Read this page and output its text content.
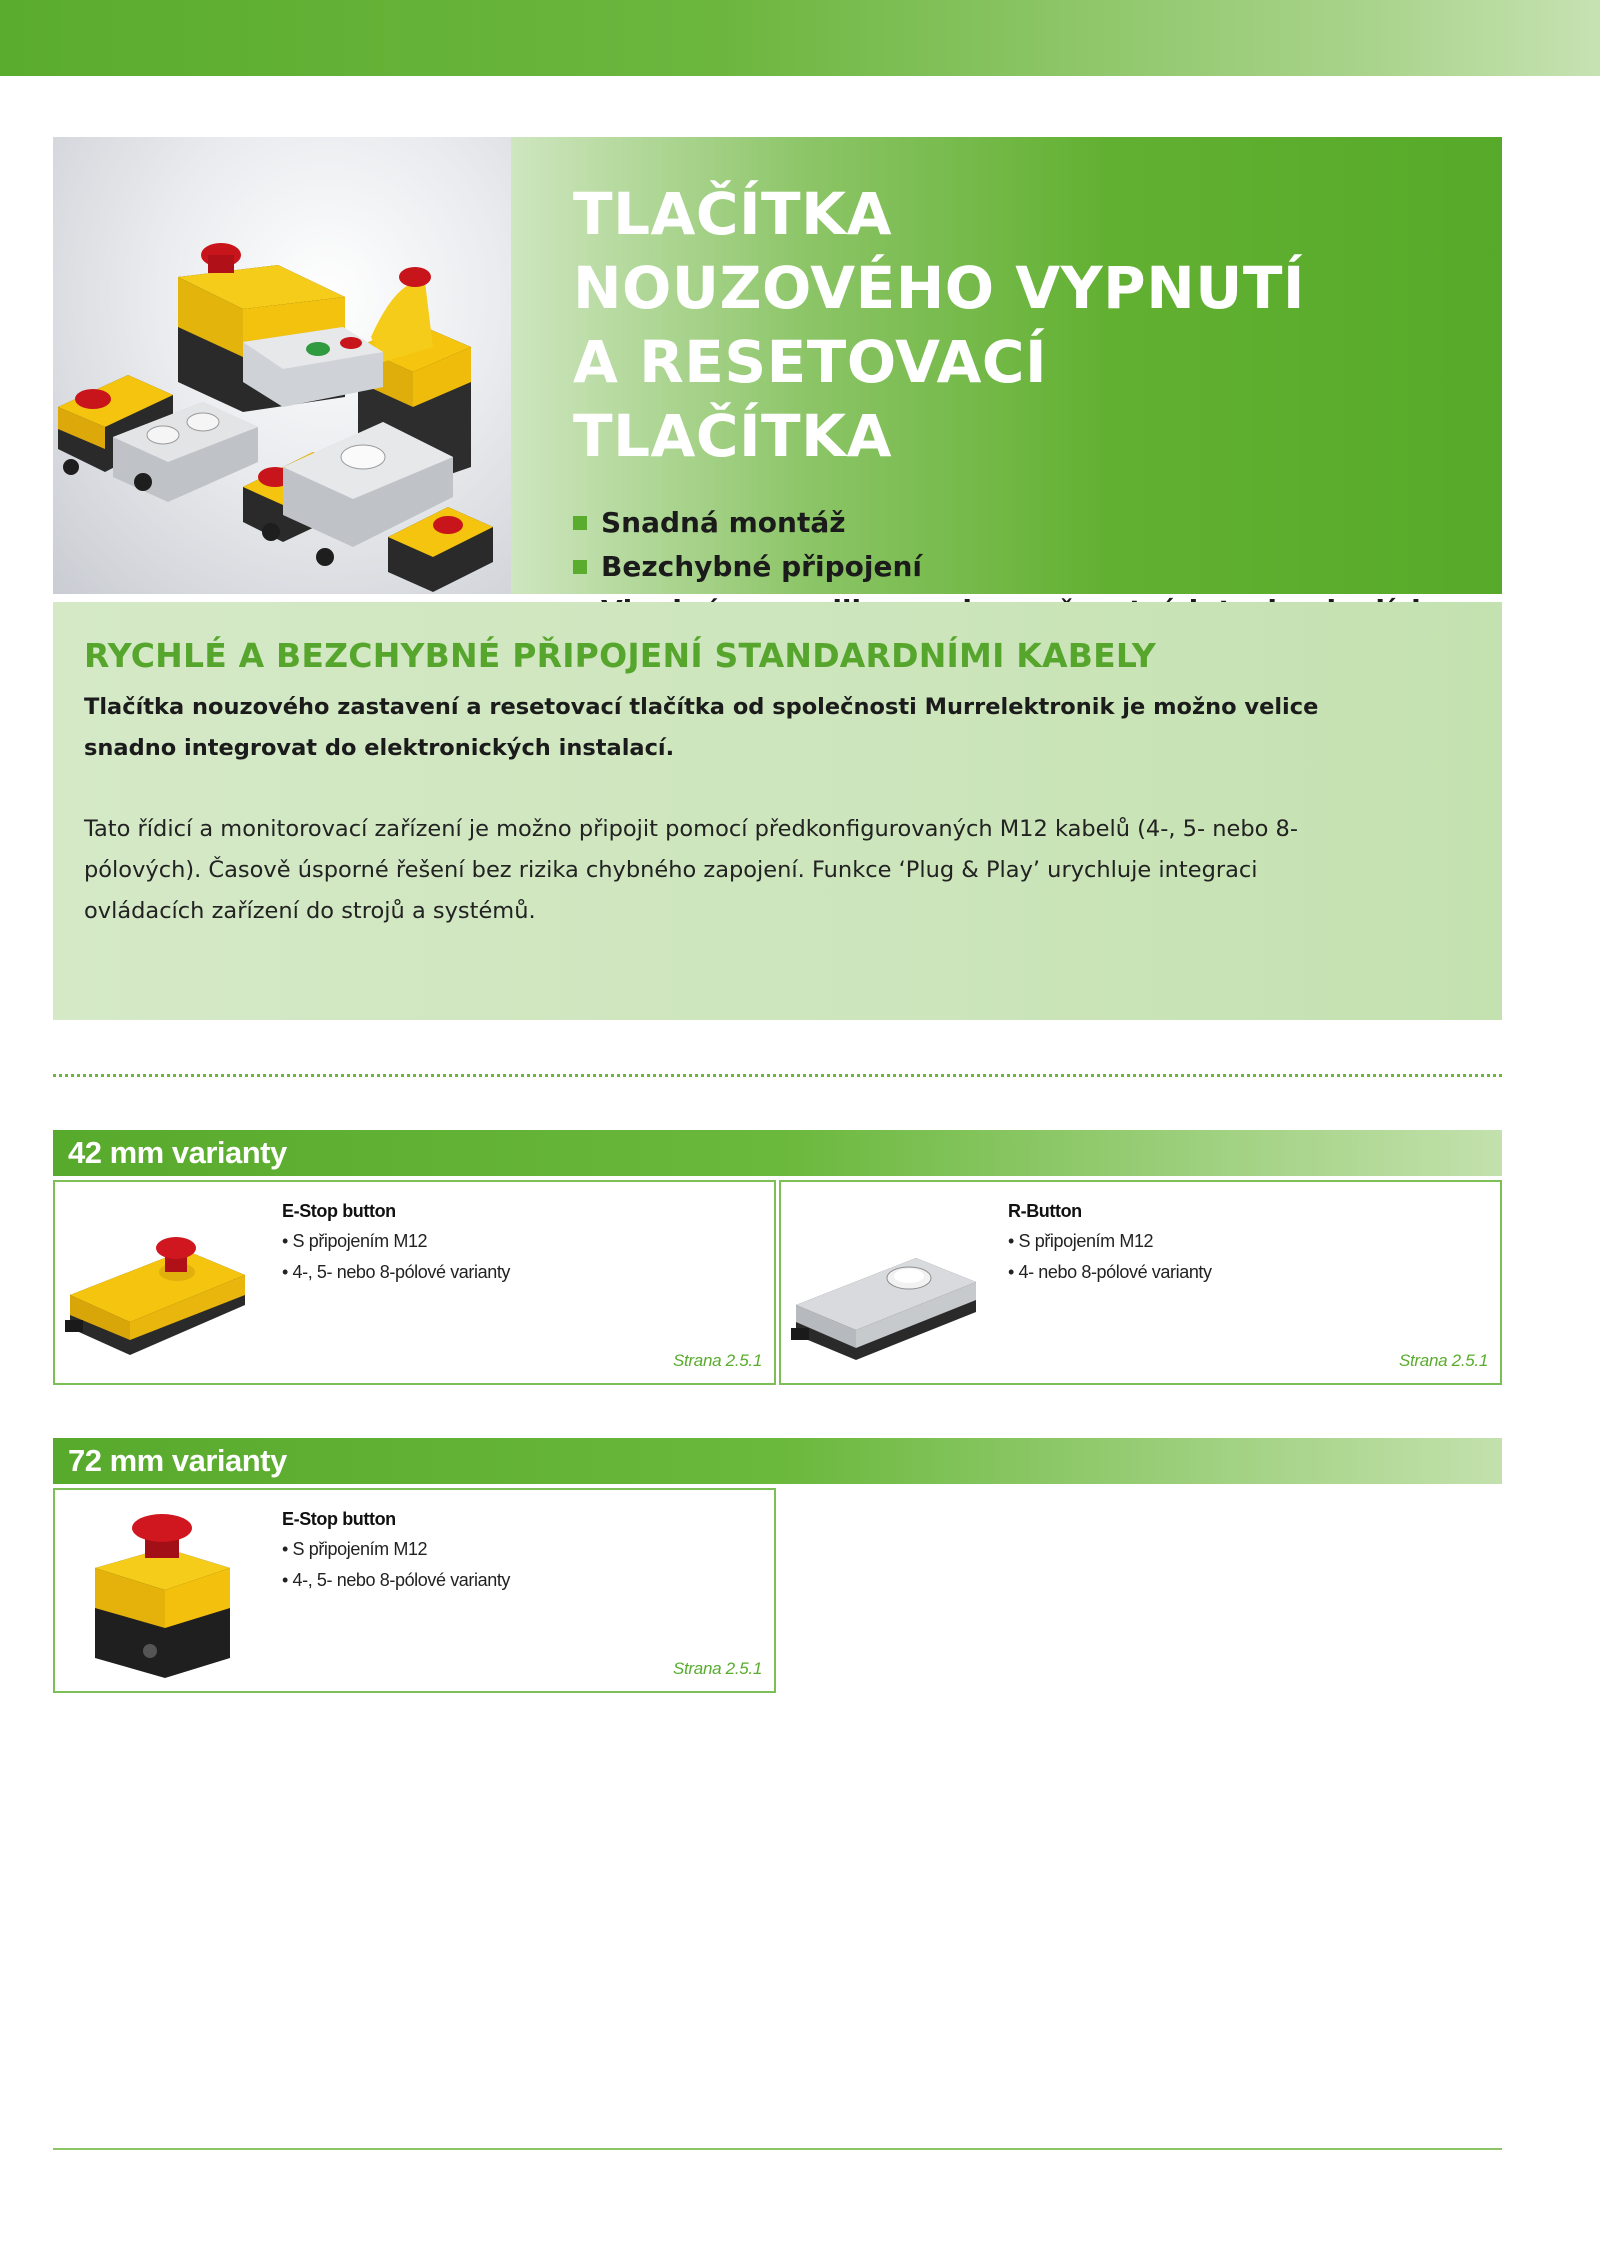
TLAČÍTKA NOUZOVÉHO VYPNUTÍ A RESETOVACÍ TLAČÍTKA
Snadná montáž
Bezchybné připojení
RYCHLÉ A BEZCHYBNÉ PŘIPOJENÍ STANDARDNÍMI KABELY

Tlačítka nouzového zastavení a resetovací tlačítka od společnosti Murrelektronik je možno velice snadno integrovat do elektronických instalací.

Tato řídicí a monitorovací zařízení je možno připojit pomocí předkonfigurovaných M12 kabelů (4-, 5- nebo 8-pólových). Časově úsporné řešení bez rizika chybného zapojení. Funkce ‘Plug & Play’ urychluje integraci ovládacích zařízení do strojů a systémů.

42 mm varianty
E-Stop button
• S připojením M12
• 4-, 5- nebo 8-pólové varianty
Strana 2.5.1
R-Button
• S připojením M12
• 4- nebo 8-pólové varianty
Strana 2.5.1
72 mm varianty
E-Stop button
• S připojením M12
• 4-, 5- nebo 8-pólové varianty
Strana 2.5.1
